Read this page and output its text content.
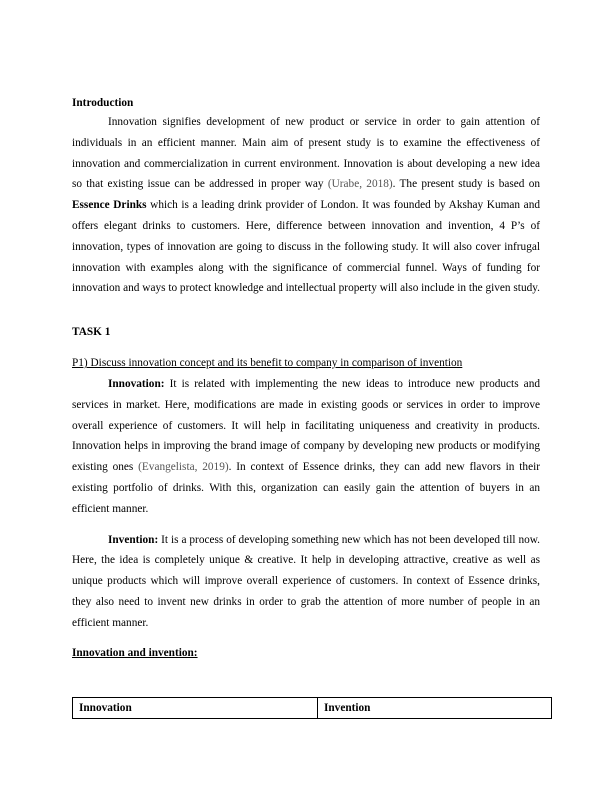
Introduction

Innovation signifies development of new product or service in order to gain attention of individuals in an efficient manner. Main aim of present study is to examine the effectiveness of innovation and commercialization in current environment. Innovation is about developing a new idea so that existing issue can be addressed in proper way (Urabe, 2018). The present study is based on Essence Drinks which is a leading drink provider of London. It was founded by Akshay Kuman and offers elegant drinks to customers. Here, difference between innovation and invention, 4 P’s of innovation, types of innovation are going to discuss in the following study. It will also cover infrugal innovation with examples along with the significance of commercial funnel. Ways of funding for innovation and ways to protect knowledge and intellectual property will also include in the given study.

TASK 1

P1) Discuss innovation concept and its benefit to company in comparison of invention

Innovation: It is related with implementing the new ideas to introduce new products and services in market. Here, modifications are made in existing goods or services in order to improve overall experience of customers. It will help in facilitating uniqueness and creativity in products. Innovation helps in improving the brand image of company by developing new products or modifying existing ones (Evangelista, 2019). In context of Essence drinks, they can add new flavors in their existing portfolio of drinks. With this, organization can easily gain the attention of buyers in an efficient manner.

Invention: It is a process of developing something new which has not been developed till now. Here, the idea is completely unique & creative. It help in developing attractive, creative as well as unique products which will improve overall experience of customers. In context of Essence drinks, they also need to invent new drinks in order to grab the attention of more number of people in an efficient manner.

Innovation and invention:

Innovation	Invention
